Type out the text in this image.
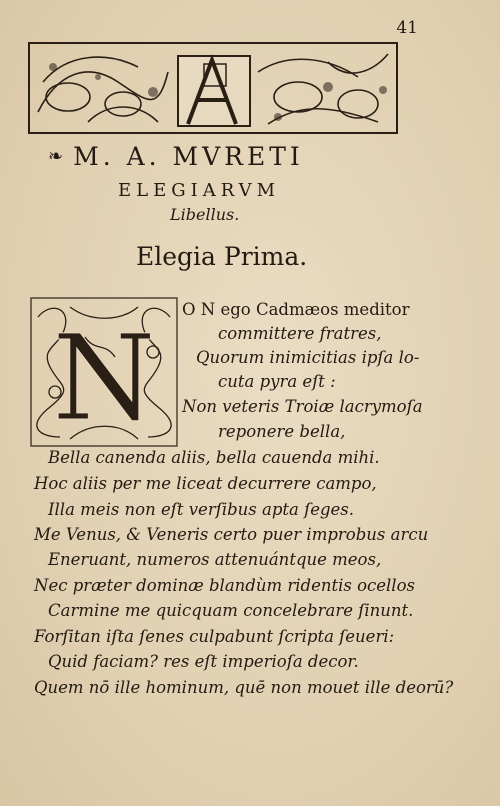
41
❧ M. A. MVRETI
ELEGIARVM
Libellus.
Elegia Prima.
N O N ego Cadmæos meditor
committere fratres,
Quorum inimicitias ipſa lo-
cuta pyra eſt :
Non veteris Troiæ lacrymoſa
reponere bella,
Bella canenda aliis, bella cauenda mihi.
Hoc aliis per me liceat decurrere campo,
Illa meis non eſt verſibus apta ſeges.
Me Venus, & Veneris certo puer improbus arcu
Eneruant, numeros attenuántque meos,
Nec præter dominæ blandùm ridentis ocellos
Carmine me quicquam concelebrare ſinunt.
Forſitan iſta ſenes culpabunt ſcripta ſeueri:
Quid faciam? res eſt imperioſa decor.
Quem nō ille hominum, quē non mouet ille deorū?
